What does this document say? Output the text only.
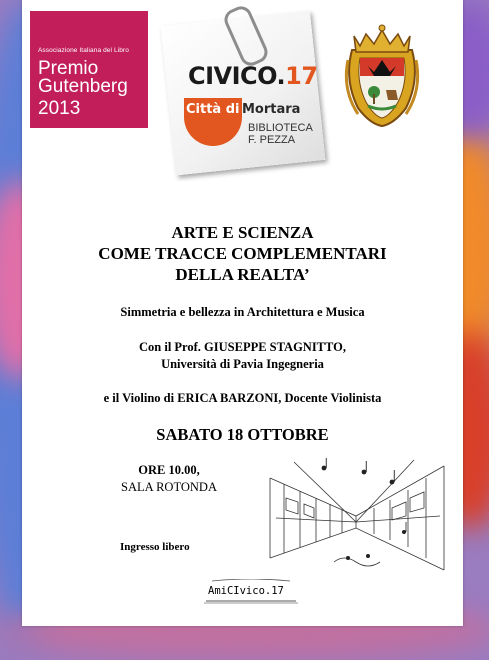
Associazione Italiana del Libro
Premio
Gutenberg
2013
CIVICO.17
Città di Mortara
BIBLIOTECA
F. PEZZA
ARTE E SCIENZA
COME TRACCE COMPLEMENTARI
DELLA REALTA’
Simmetria e bellezza in Architettura e Musica
Con il Prof. GIUSEPPE STAGNITTO,
Università di Pavia Ingegneria
e il Violino di ERICA BARZONI, Docente Violinista
SABATO 18 OTTOBRE
ORE 10.00,
SALA ROTONDA
Ingresso libero
AmiCIvico.17
